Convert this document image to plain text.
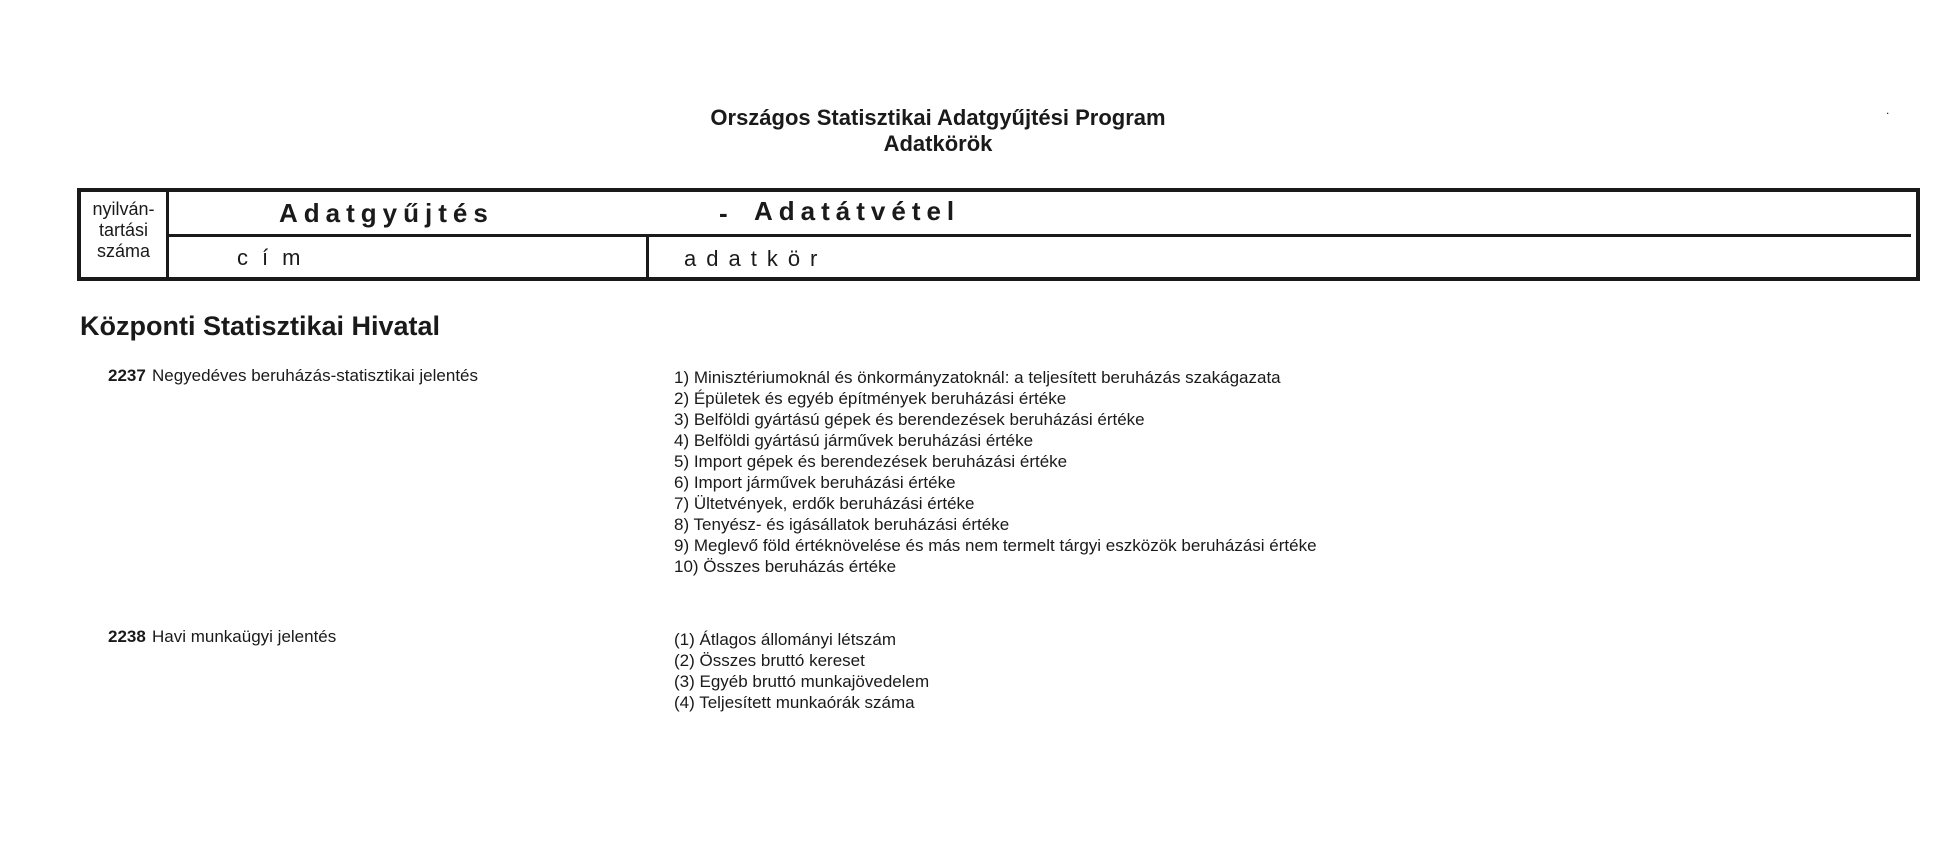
Országos Statisztikai Adatgyűjtési Program
Adatkörök
.
nyilván-
tartási
száma
Adatgyűjtés	- Adatátvétel
cím	adatkör
Központi Statisztikai Hivatal
2237 Negyedéves beruházás-statisztikai jelentés	1) Minisztériumoknál és önkormányzatoknál: a teljesített beruházás szakágazata
2) Épületek és egyéb építmények beruházási értéke
3) Belföldi gyártású gépek és berendezések beruházási értéke
4) Belföldi gyártású járművek beruházási értéke
5) Import gépek és berendezések beruházási értéke
6) Import járművek beruházási értéke
7) Ültetvények, erdők beruházási értéke
8) Tenyész- és igásállatok beruházási értéke
9) Meglevő föld értéknövelése és más nem termelt tárgyi eszközök beruházási értéke
10) Összes beruházás értéke
2238 Havi munkaügyi jelentés	(1) Átlagos állományi létszám
(2) Összes bruttó kereset
(3) Egyéb bruttó munkajövedelem
(4) Teljesített munkaórák száma
